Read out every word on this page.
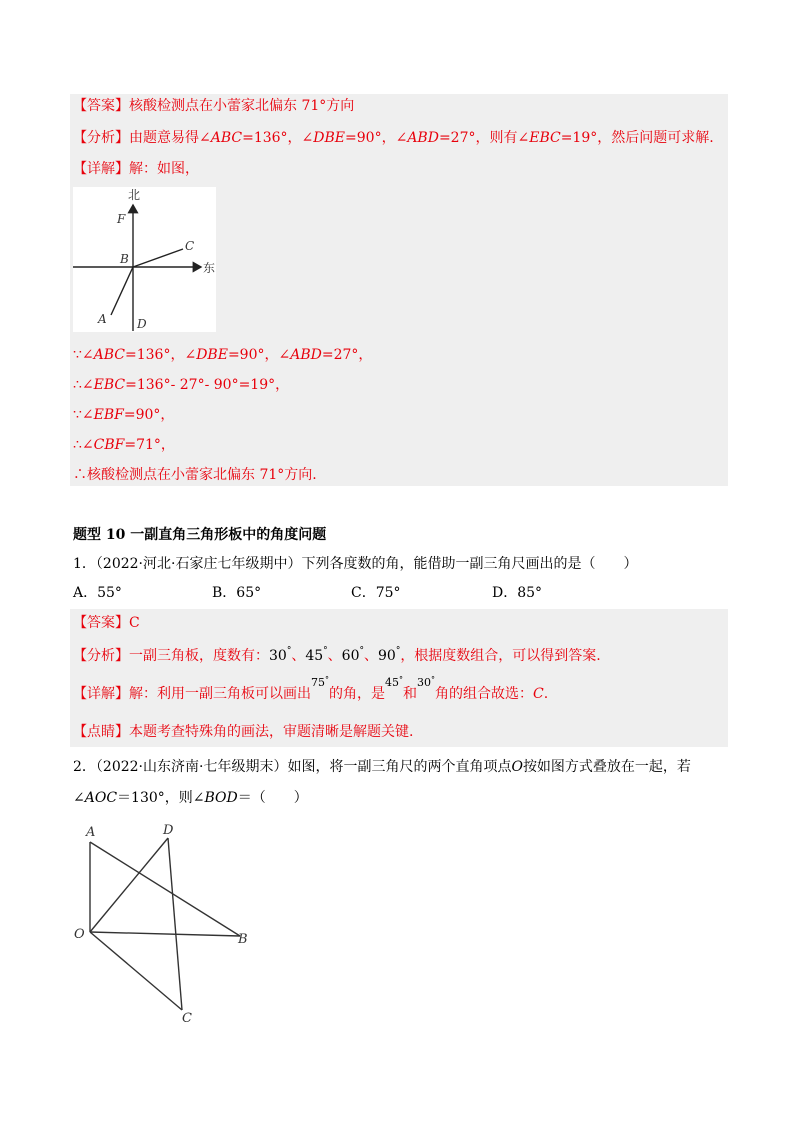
【答案】核酸检测点在小蕾家北偏东 71°方向
【分析】由题意易得∠ABC=136°，∠DBE=90°，∠ABD=27°，则有∠EBC=19°，然后问题可求解.
【详解】解：如图，
北
东
F
C
B
A	D
∵∠ABC=136°，∠DBE=90°，∠ABD=27°，
∴∠EBC=136°- 27°- 90°=19°，
∵∠EBF=90°，
∴∠CBF=71°，
∴核酸检测点在小蕾家北偏东 71°方向.
题型 10 一副直角三角形板中的角度问题
1．（2022·河北·石家庄七年级期中）下列各度数的角，能借助一副三角尺画出的是（　　）
A．55°	B．65°	C．75°	D．85°
【答案】C
【分析】一副三角板，度数有：30°、45°、60°、90°，根据度数组合，可以得到答案.
【详解】解：利用一副三角板可以画出$^{75^\circ}$的角，是$^{45^\circ}$和$^{30^\circ}$角的组合故选：C.
【点睛】本题考查特殊角的画法，审题清晰是解题关键.
2．（2022·山东济南·七年级期末）如图，将一副三角尺的两个直角项点O按如图方式叠放在一起，若
∠AOC＝130°，则∠BOD＝（　　）
A	D
O	B
C
